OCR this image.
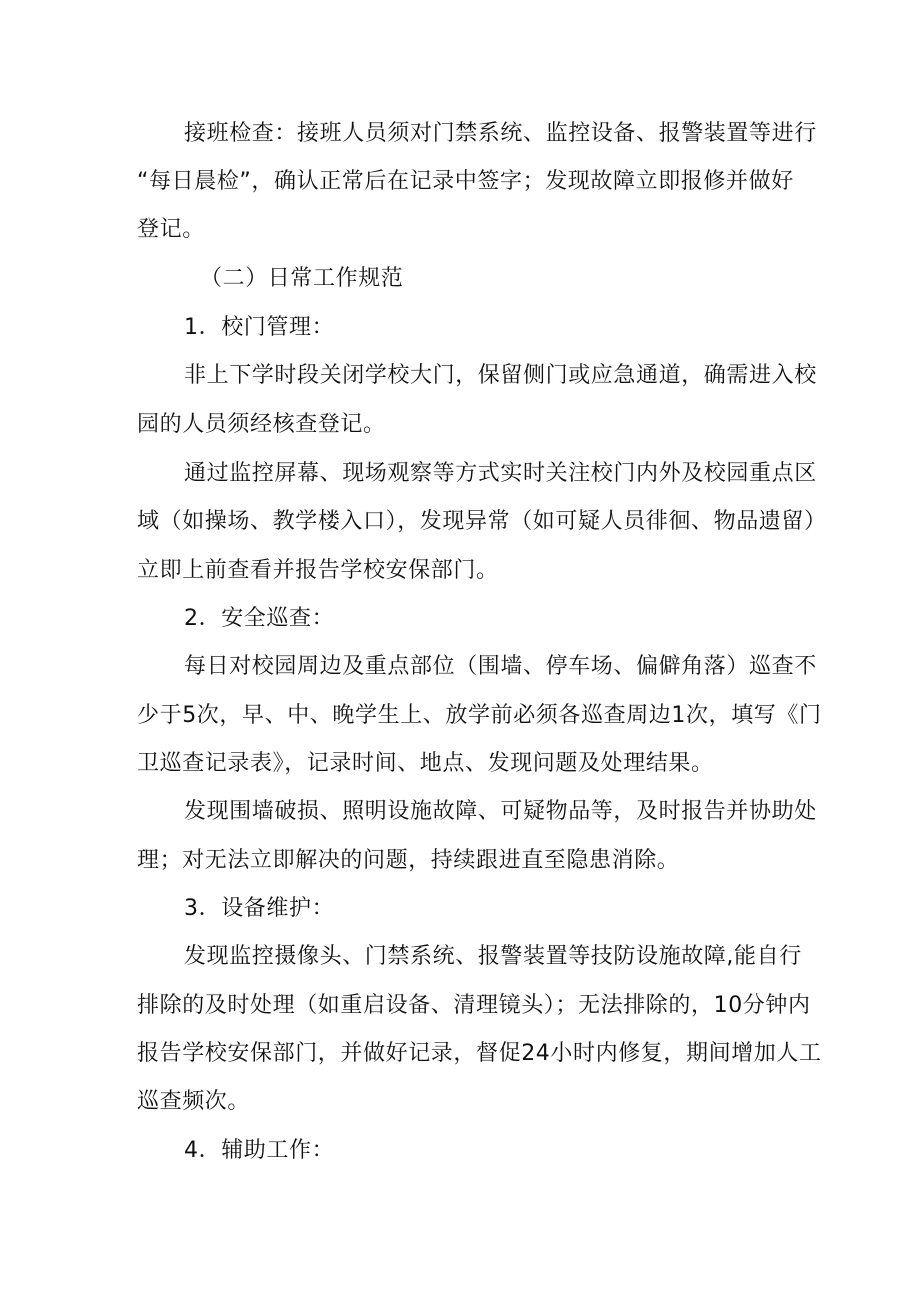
接班检查：接班人员须对门禁系统、监控设备、报警装置等进行
“每日晨检”，确认正常后在记录中签字；发现故障立即报修并做好
登记。
（二）日常工作规范
1．校门管理：
非上下学时段关闭学校大门，保留侧门或应急通道，确需进入校
园的人员须经核查登记。
通过监控屏幕、现场观察等方式实时关注校门内外及校园重点区
域（如操场、教学楼入口），发现异常（如可疑人员徘徊、物品遗留）
立即上前查看并报告学校安保部门。
2．安全巡查：
每日对校园周边及重点部位（围墙、停车场、偏僻角落）巡查不
少于5次，早、中、晚学生上、放学前必须各巡查周边1次，填写《门
卫巡查记录表》，记录时间、地点、发现问题及处理结果。
发现围墙破损、照明设施故障、可疑物品等，及时报告并协助处
理；对无法立即解决的问题，持续跟进直至隐患消除。
3．设备维护：
发现监控摄像头、门禁系统、报警装置等技防设施故障,能自行
排除的及时处理（如重启设备、清理镜头）；无法排除的，10分钟内
报告学校安保部门，并做好记录，督促24小时内修复，期间增加人工
巡查频次。
4．辅助工作：
